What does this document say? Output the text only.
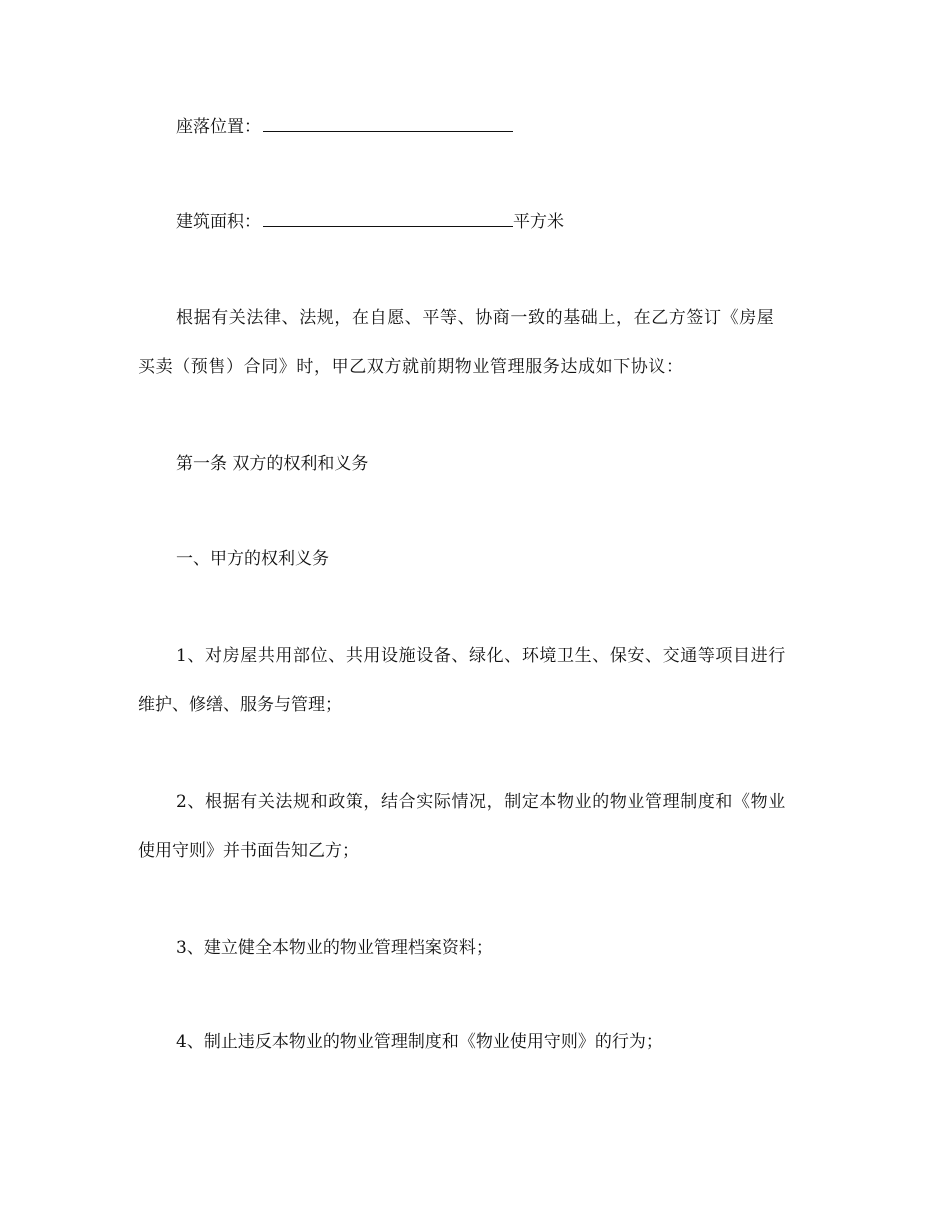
座落位置：
建筑面积：	平方米
根据有关法律、法规，在自愿、平等、协商一致的基础上，在乙方签订《房屋
买卖（预售）合同》时，甲乙双方就前期物业管理服务达成如下协议：
第一条 双方的权利和义务
一、甲方的权利义务
1、对房屋共用部位、共用设施设备、绿化、环境卫生、保安、交通等项目进行
维护、修缮、服务与管理；
2、根据有关法规和政策，结合实际情况，制定本物业的物业管理制度和《物业
使用守则》并书面告知乙方；
3、建立健全本物业的物业管理档案资料；
4、制止违反本物业的物业管理制度和《物业使用守则》的行为；
